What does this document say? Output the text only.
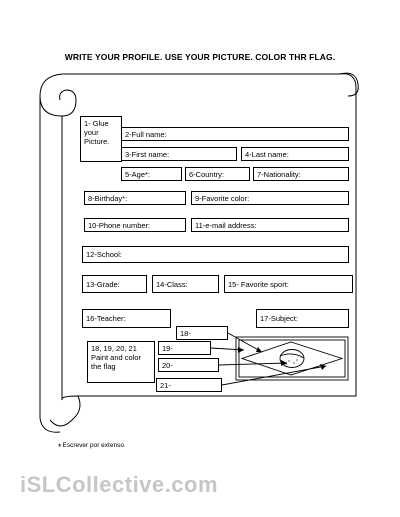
WRITE YOUR PROFILE. USE YOUR PICTURE. COLOR THR FLAG.
1- Glue your Picture.
2-Full name:
3-First name:	4-Last name:
5-Age*:	6-Country:	7-Nationality:
8-Birthday*:	9-Favorite color:
10-Phone number:	11-e-mail address:
12-School:
13-Grade:	14-Class:	15- Favorite sport:
16-Teacher:	17-Subject:
18-
18, 19, 20, 21 Paint and color the flag
19-
20-
21-
*Escrever por extenso.
iSLCollective.com
